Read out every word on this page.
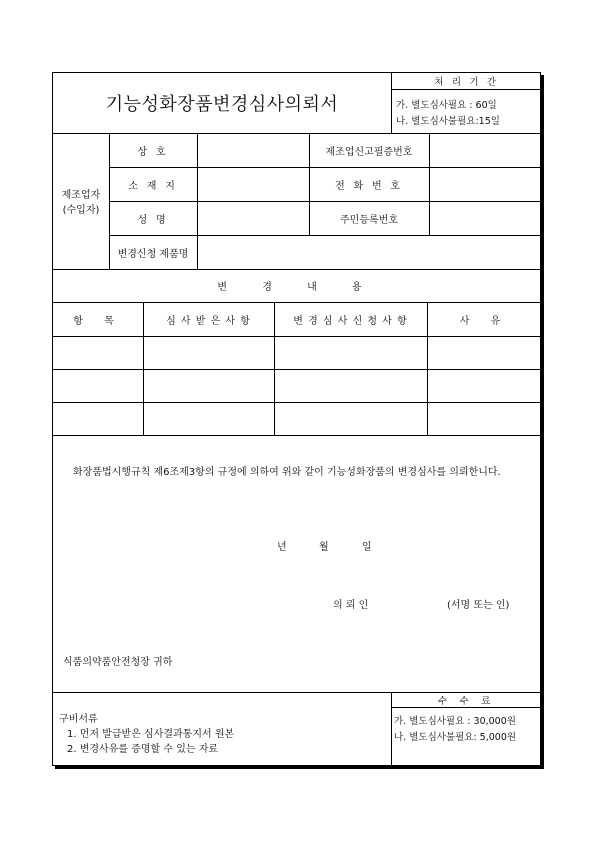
기능성화장품변경심사의뢰서
처 리 기 간
가. 별도심사필요 : 60일
나. 별도심사불필요:15일
제조업자
(수입자)
상 호	제조업신고필증번호
소 재 지	전 화 번 호
성 명	주민등록번호
변경신청 제품명
변 경 내 용
항 목	심 사 받 은 사 항	변 경 심 사 신 청 사 항	사 유
화장품법시행규칙 제6조제3항의 규정에 의하여 위와 같이 기능성화장품의 변경심사를 의뢰한니다.
년	월	일
의 뢰 인	(서명 또는 인)
식품의약품안전청장 귀하
구비서류
1. 먼저 발급받은 심사결과통지서 원본
2. 변경사유를 증명할 수 있는 자료
수 수 료
가. 별도심사필요 : 30,000원
나. 별도심사불필요: 5,000원
